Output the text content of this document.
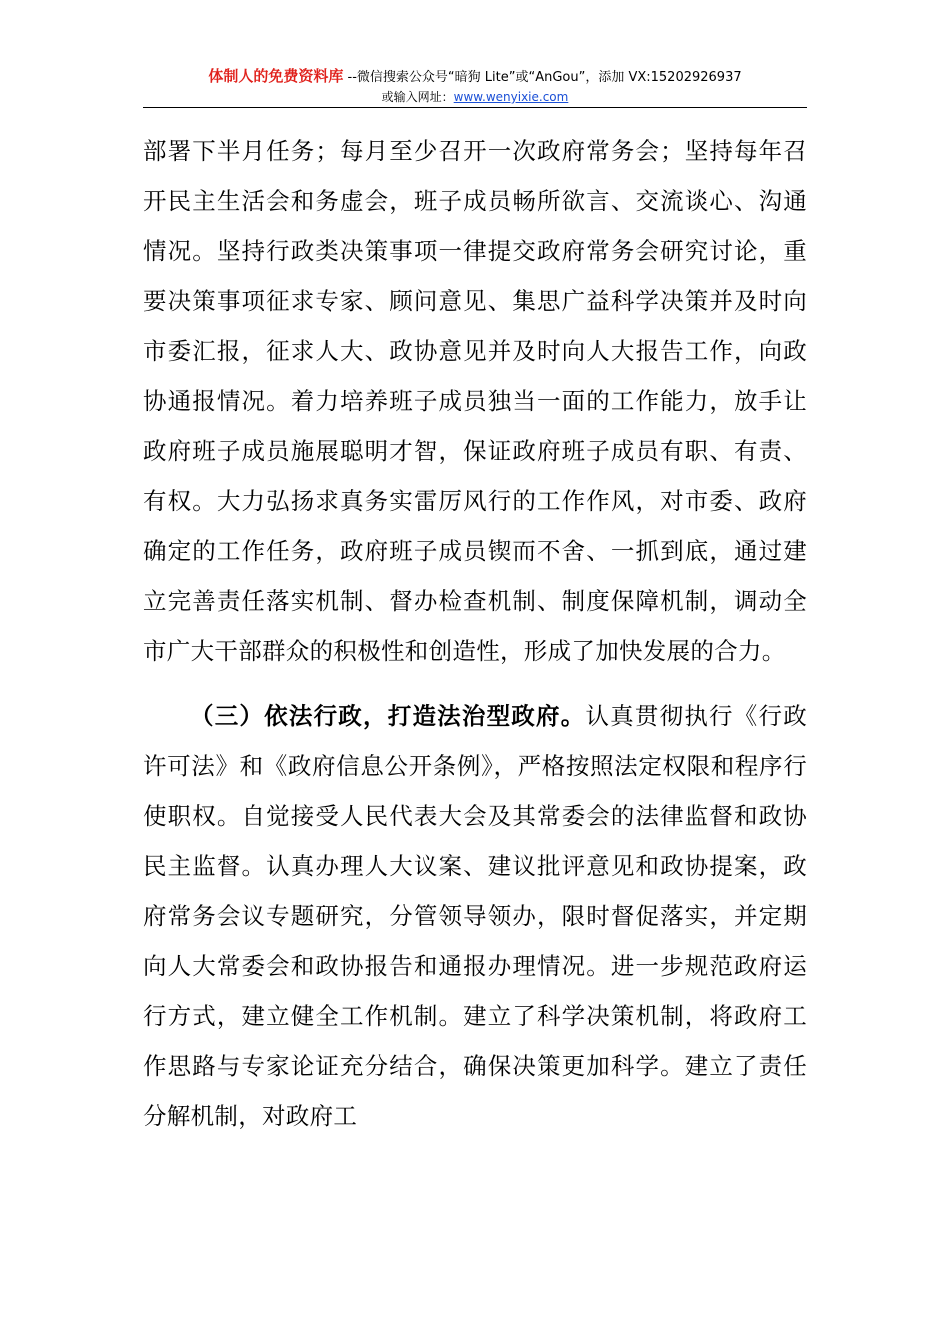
体制人的免费资料库 --微信搜索公众号“暗狗 Lite”或“AnGou”，添加 VX:15202926937
或输入网址：www.wenyixie.com

部署下半月任务；每月至少召开一次政府常务会；坚持每年召开民主生活会和务虚会，班子成员畅所欲言、交流谈心、沟通情况。坚持行政类决策事项一律提交政府常务会研究讨论，重要决策事项征求专家、顾问意见、集思广益科学决策并及时向市委汇报，征求人大、政协意见并及时向人大报告工作，向政协通报情况。着力培养班子成员独当一面的工作能力，放手让政府班子成员施展聪明才智，保证政府班子成员有职、有责、有权。大力弘扬求真务实雷厉风行的工作作风，对市委、政府确定的工作任务，政府班子成员锲而不舍、一抓到底，通过建立完善责任落实机制、督办检查机制、制度保障机制，调动全市广大干部群众的积极性和创造性，形成了加快发展的合力。

（三）依法行政，打造法治型政府。认真贯彻执行《行政许可法》和《政府信息公开条例》，严格按照法定权限和程序行使职权。自觉接受人民代表大会及其常委会的法律监督和政协民主监督。认真办理人大议案、建议批评意见和政协提案，政府常务会议专题研究，分管领导领办，限时督促落实，并定期向人大常委会和政协报告和通报办理情况。进一步规范政府运行方式，建立健全工作机制。建立了科学决策机制，将政府工作思路与专家论证充分结合，确保决策更加科学。建立了责任分解机制，对政府工
